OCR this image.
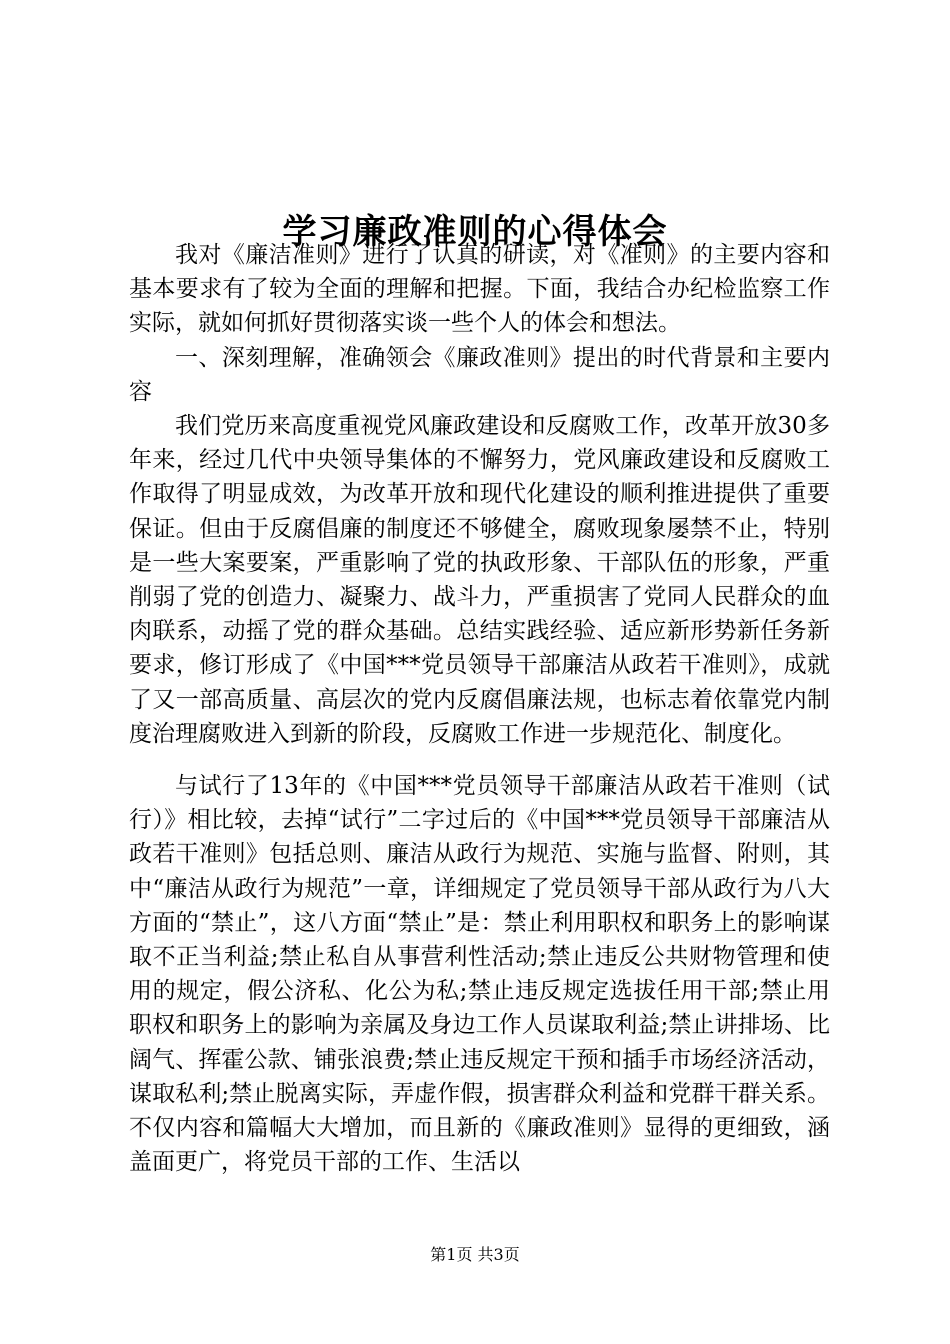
学习廉政准则的心得体会

我对《廉洁准则》进行了认真的研读，对《准则》的主要内容和基本要求有了较为全面的理解和把握。下面，我结合办纪检监察工作实际，就如何抓好贯彻落实谈一些个人的体会和想法。

一、深刻理解，准确领会《廉政准则》提出的时代背景和主要内容

我们党历来高度重视党风廉政建设和反腐败工作，改革开放30多年来，经过几代中央领导集体的不懈努力，党风廉政建设和反腐败工作取得了明显成效，为改革开放和现代化建设的顺利推进提供了重要保证。但由于反腐倡廉的制度还不够健全，腐败现象屡禁不止，特别是一些大案要案，严重影响了党的执政形象、干部队伍的形象，严重削弱了党的创造力、凝聚力、战斗力，严重损害了党同人民群众的血肉联系，动摇了党的群众基础。总结实践经验、适应新形势新任务新要求，修订形成了《中国***党员领导干部廉洁从政若干准则》，成就了又一部高质量、高层次的党内反腐倡廉法规，也标志着依靠党内制度治理腐败进入到新的阶段，反腐败工作进一步规范化、制度化。

与试行了13年的《中国***党员领导干部廉洁从政若干准则（试行）》相比较，去掉“试行”二字过后的《中国***党员领导干部廉洁从政若干准则》包括总则、廉洁从政行为规范、实施与监督、附则，其中“廉洁从政行为规范”一章，详细规定了党员领导干部从政行为八大方面的“禁止”，这八方面“禁止”是：禁止利用职权和职务上的影响谋取不正当利益;禁止私自从事营利性活动;禁止违反公共财物管理和使用的规定，假公济私、化公为私;禁止违反规定选拔任用干部;禁止用职权和职务上的影响为亲属及身边工作人员谋取利益;禁止讲排场、比阔气、挥霍公款、铺张浪费;禁止违反规定干预和插手市场经济活动，谋取私利;禁止脱离实际，弄虚作假，损害群众利益和党群干群关系。不仅内容和篇幅大大增加，而且新的《廉政准则》显得的更细致，涵盖面更广，将党员干部的工作、生活以

第1页 共3页
